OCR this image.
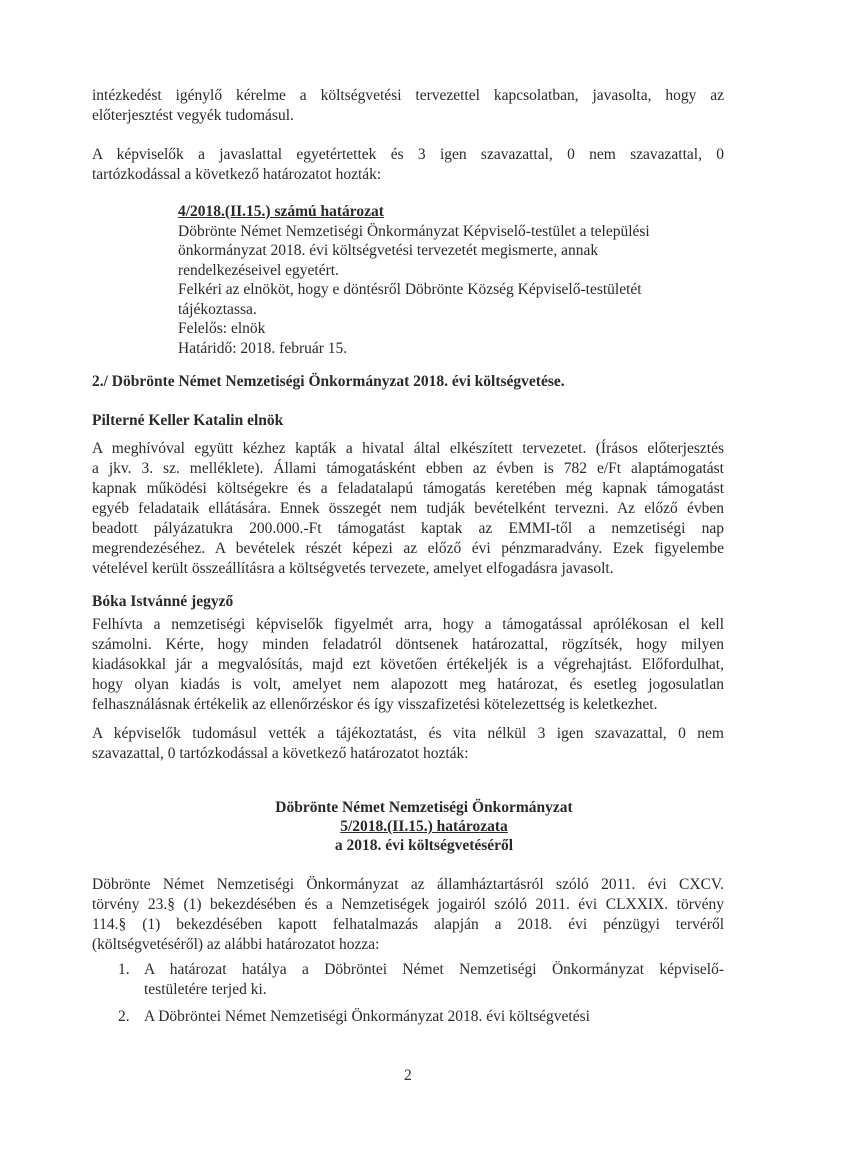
intézkedést igénylő kérelme a költségvetési tervezettel kapcsolatban, javasolta, hogy az
előterjesztést vegyék tudomásul.
A képviselők a javaslattal egyetértettek és 3 igen szavazattal, 0 nem szavazattal, 0
tartózkodással a következő határozatot hozták:
4/2018.(II.15.) számú határozat
Döbrönte Német Nemzetiségi Önkormányzat Képviselő-testület a települési
önkormányzat 2018. évi költségvetési tervezetét megismerte, annak
rendelkezéseivel egyetért.
Felkéri az elnököt, hogy e döntésről Döbrönte Község Képviselő-testületét
tájékoztassa.
Felelős: elnök
Határidő: 2018. február 15.
2./ Döbrönte Német Nemzetiségi Önkormányzat 2018. évi költségvetése.
Pilterné Keller Katalin elnök
A meghívóval együtt kézhez kapták a hivatal által elkészített tervezetet. (Írásos előterjesztés
a jkv. 3. sz. melléklete). Állami támogatásként ebben az évben is 782 e/Ft alaptámogatást
kapnak működési költségekre és a feladatalapú támogatás keretében még kapnak támogatást
egyéb feladataik ellátására. Ennek összegét nem tudják bevételként tervezni. Az előző évben
beadott pályázatukra 200.000.-Ft támogatást kaptak az EMMI-től a nemzetiségi nap
megrendezéséhez. A bevételek részét képezi az előző évi pénzmaradvány. Ezek figyelembe
vételével került összeállításra a költségvetés tervezete, amelyet elfogadásra javasolt.
Bóka Istvánné jegyző
Felhívta a nemzetiségi képviselők figyelmét arra, hogy a támogatással aprólékosan el kell
számolni. Kérte, hogy minden feladatról döntsenek határozattal, rögzítsék, hogy milyen
kiadásokkal jár a megvalósítás, majd ezt követően értékeljék is a végrehajtást. Előfordulhat,
hogy olyan kiadás is volt, amelyet nem alapozott meg határozat, és esetleg jogosulatlan
felhasználásnak értékelik az ellenőrzéskor és így visszafizetési kötelezettség is keletkezhet.
A képviselők tudomásul vették a tájékoztatást, és vita nélkül 3 igen szavazattal, 0 nem
szavazattal, 0 tartózkodással a következő határozatot hozták:
Döbrönte Német Nemzetiségi Önkormányzat
5/2018.(II.15.) határozata
a 2018. évi költségvetéséről
Döbrönte Német Nemzetiségi Önkormányzat az államháztartásról szóló 2011. évi CXCV.
törvény 23.§ (1) bekezdésében és a Nemzetiségek jogairól szóló 2011. évi CLXXIX. törvény
114.§ (1) bekezdésében kapott felhatalmazás alapján a 2018. évi pénzügyi tervéről
(költségvetéséről) az alábbi határozatot hozza:
1. A határozat hatálya a Döbröntei Német Nemzetiségi Önkormányzat képviselő-
testületére terjed ki.
2. A Döbröntei Német Nemzetiségi Önkormányzat 2018. évi költségvetési
2
